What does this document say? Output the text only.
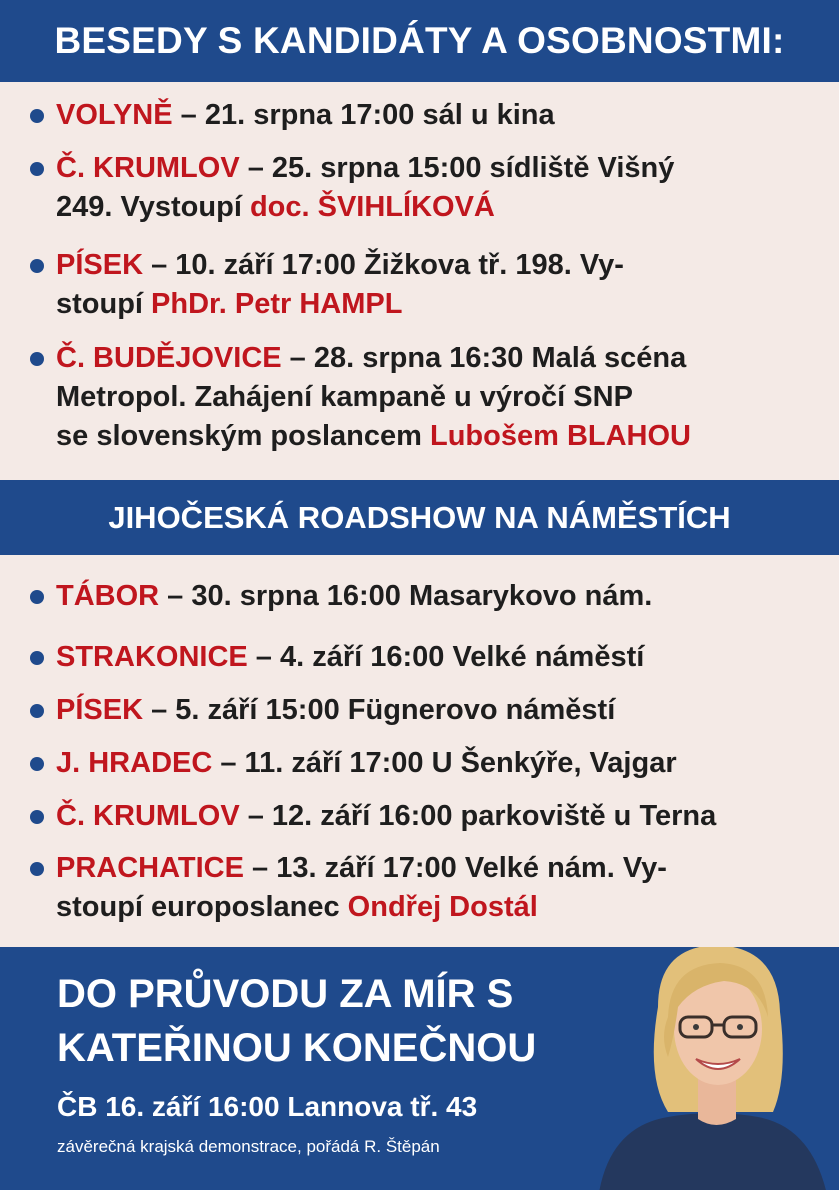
BESEDY S KANDIDÁTY A OSOBNOSTMI:
VOLYNĚ – 21. srpna 17:00 sál u kina
Č. KRUMLOV – 25. srpna 15:00 sídliště Višný
249. Vystoupí doc. ŠVIHLÍKOVÁ
PÍSEK – 10. září 17:00 Žižkova tř. 198. Vy-
stoupí PhDr. Petr HAMPL
Č. BUDĚJOVICE – 28. srpna 16:30 Malá scéna
Metropol. Zahájení kampaně u výročí SNP
se slovenským poslancem Lubošem BLAHOU
JIHOČESKÁ ROADSHOW NA NÁMĚSTÍCH
TÁBOR – 30. srpna 16:00 Masarykovo nám.
STRAKONICE – 4. září 16:00 Velké náměstí
PÍSEK – 5. září 15:00 Fügnerovo náměstí
J. HRADEC – 11. září 17:00 U Šenkýře, Vajgar
Č. KRUMLOV – 12. září 16:00 parkoviště u Terna
PRACHATICE – 13. září 17:00 Velké nám. Vy-
stoupí europoslanec Ondřej Dostál
DO PRŮVODU ZA MÍR S
KATEŘINOU KONEČNOU
ČB 16. září 16:00 Lannova tř. 43
závěrečná krajská demonstrace, pořádá R. Štěpán
